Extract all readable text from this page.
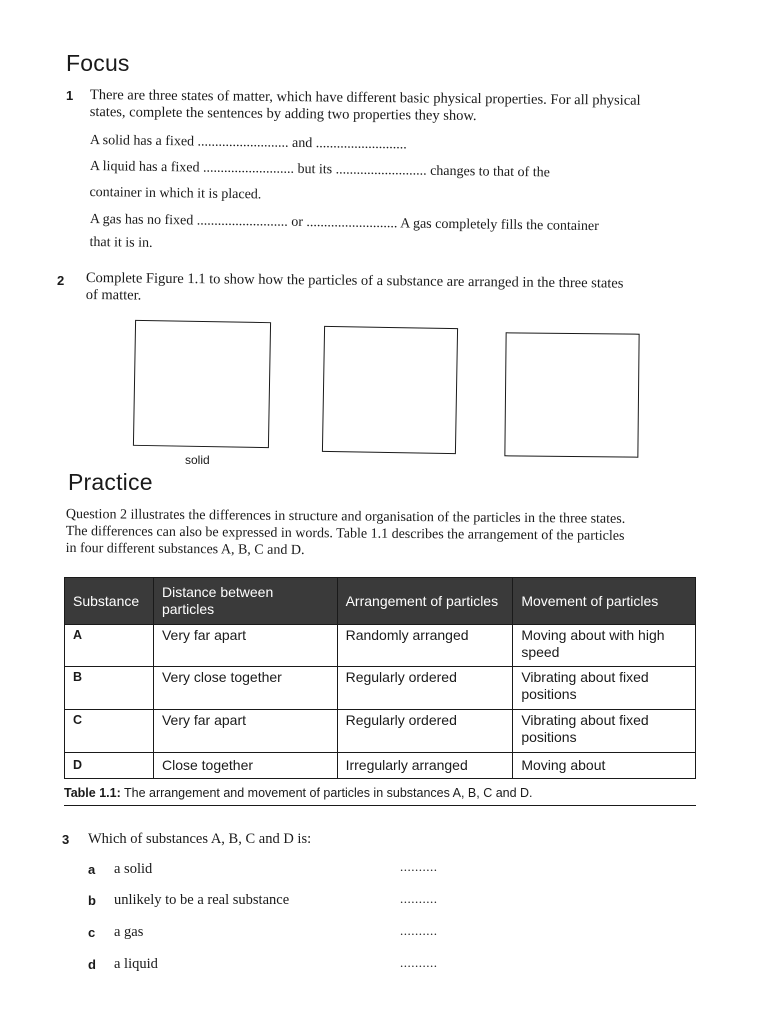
Focus
1 There are three states of matter, which have different basic physical properties. For all physical
states, complete the sentences by adding two properties they show.
A solid has a fixed .......................... and ..........................
A liquid has a fixed .......................... but its .......................... changes to that of the
container in which it is placed.
A gas has no fixed .......................... or .......................... A gas completely fills the container
that it is in.
2 Complete Figure 1.1 to show how the particles of a substance are arranged in the three states
of matter.
solid
Practice
Question 2 illustrates the differences in structure and organisation of the particles in the three states.
The differences can also be expressed in words. Table 1.1 describes the arrangement of the particles
in four different substances A, B, C and D.
Substance	Distance between particles	Arrangement of particles	Movement of particles
A	Very far apart	Randomly arranged	Moving about with high speed
B	Very close together	Regularly ordered	Vibrating about fixed positions
C	Very far apart	Regularly ordered	Vibrating about fixed positions
D	Close together	Irregularly arranged	Moving about
Table 1.1: The arrangement and movement of particles in substances A, B, C and D.
3 Which of substances A, B, C and D is:
a a solid	..........
b unlikely to be a real substance	..........
c a gas	..........
d a liquid	..........
